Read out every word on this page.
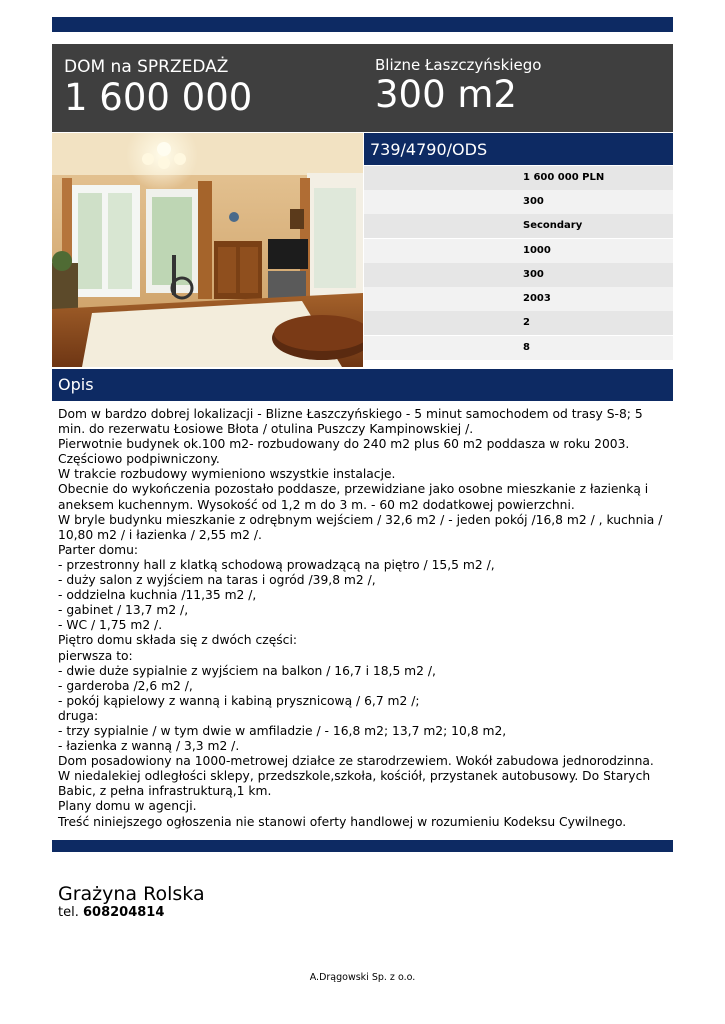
DOM na SPRZEDAŻ
1 600 000
Blizne Łaszczyńskiego
300 m2
739/4790/ODS
1 600 000 PLN
300
Secondary
1000
300
2003
2
8
Opis
Dom w bardzo dobrej lokalizacji - Blizne Łaszczyńskiego - 5 minut samochodem od trasy S-8; 5 min. do rezerwatu Łosiowe Błota / otulina Puszczy Kampinowskiej /.
Pierwotnie budynek ok.100 m2- rozbudowany do 240 m2 plus 60 m2 poddasza w roku 2003.
Częściowo podpiwniczony.
W trakcie rozbudowy wymieniono wszystkie instalacje.
Obecnie do wykończenia pozostało poddasze, przewidziane jako osobne mieszkanie z łazienką i aneksem kuchennym. Wysokość od 1,2 m do 3 m. - 60 m2 dodatkowej powierzchni.
W bryle budynku mieszkanie z odrębnym wejściem / 32,6 m2 / - jeden pokój /16,8 m2 / , kuchnia / 10,80 m2 / i łazienka / 2,55 m2 /.
Parter domu:
- przestronny hall z klatką schodową prowadzącą na piętro / 15,5 m2 /,
- duży salon z wyjściem na taras i ogród /39,8 m2 /,
- oddzielna kuchnia /11,35 m2 /,
- gabinet / 13,7 m2 /,
- WC / 1,75 m2 /.
Piętro domu składa się z dwóch części:
pierwsza to:
- dwie duże sypialnie z wyjściem na balkon / 16,7 i 18,5 m2 /,
- garderoba /2,6 m2 /,
- pokój kąpielowy z wanną i kabiną prysznicową / 6,7 m2 /;
druga:
- trzy sypialnie / w tym dwie w amfiladzie / - 16,8 m2; 13,7 m2; 10,8 m2,
- łazienka z wanną / 3,3 m2 /.
Dom posadowiony na 1000-metrowej działce ze starodrzewiem. Wokół zabudowa jednorodzinna.
W niedalekiej odległości sklepy, przedszkole,szkoła, kościół, przystanek autobusowy. Do Starych Babic, z pełna infrastrukturą,1 km.
Plany domu w agencji.
Treść niniejszego ogłoszenia nie stanowi oferty handlowej w rozumieniu Kodeksu Cywilnego.
Grażyna Rolska
tel. 608204814
A.Drągowski Sp. z o.o.
